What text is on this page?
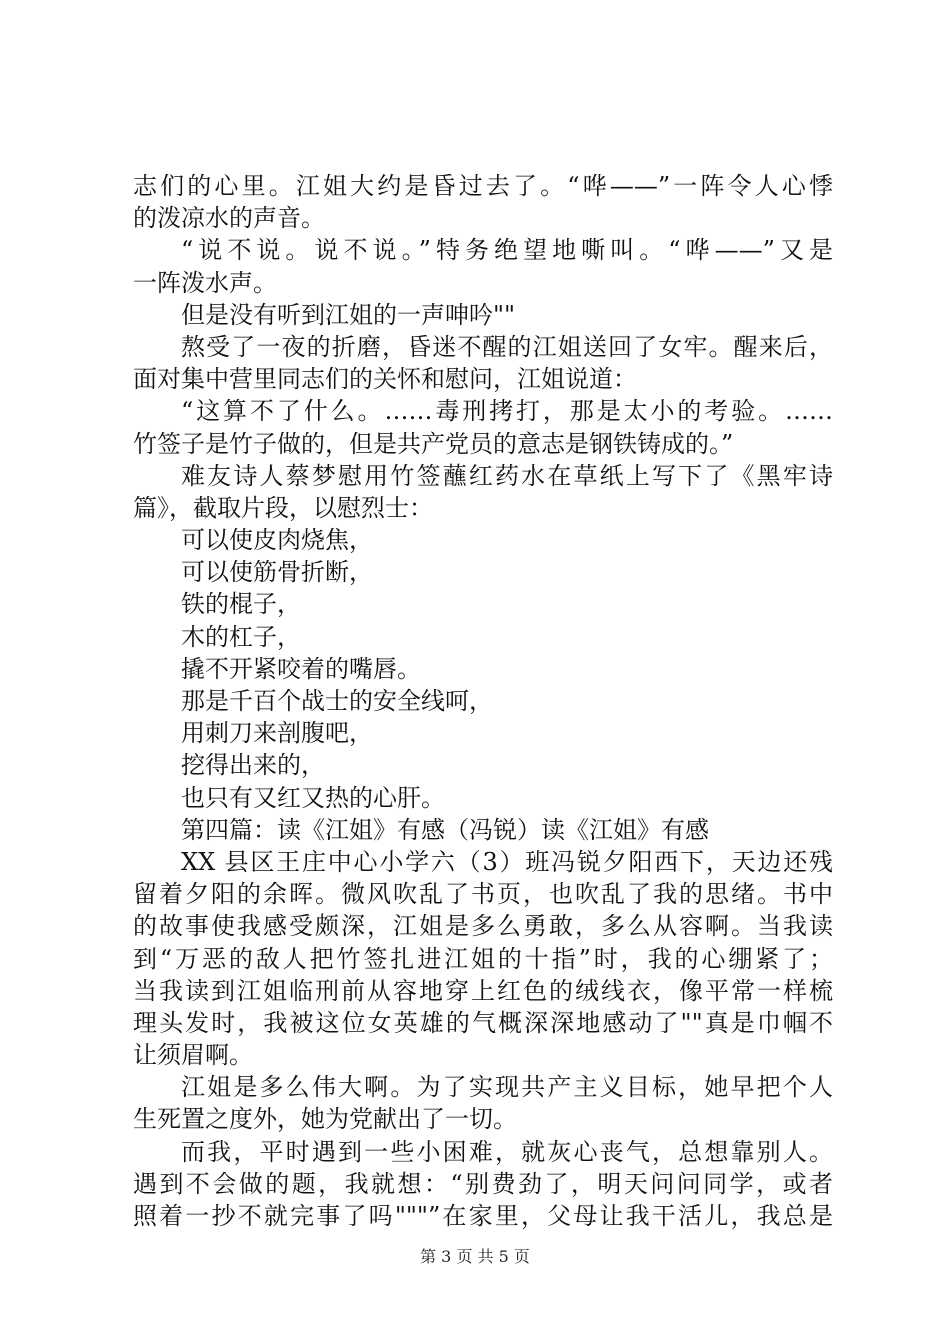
志们的心里。江姐大约是昏过去了。“哗——”一阵令人心悸
的泼凉水的声音。
“说不说。说不说。”特务绝望地嘶叫。“哗——”又是
一阵泼水声。
但是没有听到江姐的一声呻吟""
熬受了一夜的折磨，昏迷不醒的江姐送回了女牢。醒来后，
面对集中营里同志们的关怀和慰问，江姐说道：
“这算不了什么。……毒刑拷打，那是太小的考验。……
竹签子是竹子做的，但是共产党员的意志是钢铁铸成的。”
难友诗人蔡梦慰用竹签蘸红药水在草纸上写下了《黑牢诗
篇》，截取片段，以慰烈士：
可以使皮肉烧焦，
可以使筋骨折断，
铁的棍子，
木的杠子，
撬不开紧咬着的嘴唇。
那是千百个战士的安全线呵，
用刺刀来剖腹吧，
挖得出来的，
也只有又红又热的心肝。
第四篇：读《江姐》有感（冯锐）读《江姐》有感
XX 县区王庄中心小学六（3）班冯锐夕阳西下，天边还残
留着夕阳的余晖。微风吹乱了书页，也吹乱了我的思绪。书中
的故事使我感受颇深，江姐是多么勇敢，多么从容啊。当我读
到“万恶的敌人把竹签扎进江姐的十指”时，我的心绷紧了；
当我读到江姐临刑前从容地穿上红色的绒线衣，像平常一样梳
理头发时，我被这位女英雄的气概深深地感动了""真是巾帼不
让须眉啊。
江姐是多么伟大啊。为了实现共产主义目标，她早把个人
生死置之度外，她为党献出了一切。
而我，平时遇到一些小困难，就灰心丧气，总想靠别人。
遇到不会做的题，我就想：“别费劲了，明天问问同学，或者
照着一抄不就完事了吗"""”在家里，父母让我干活儿，我总是
第 3 页 共 5 页
